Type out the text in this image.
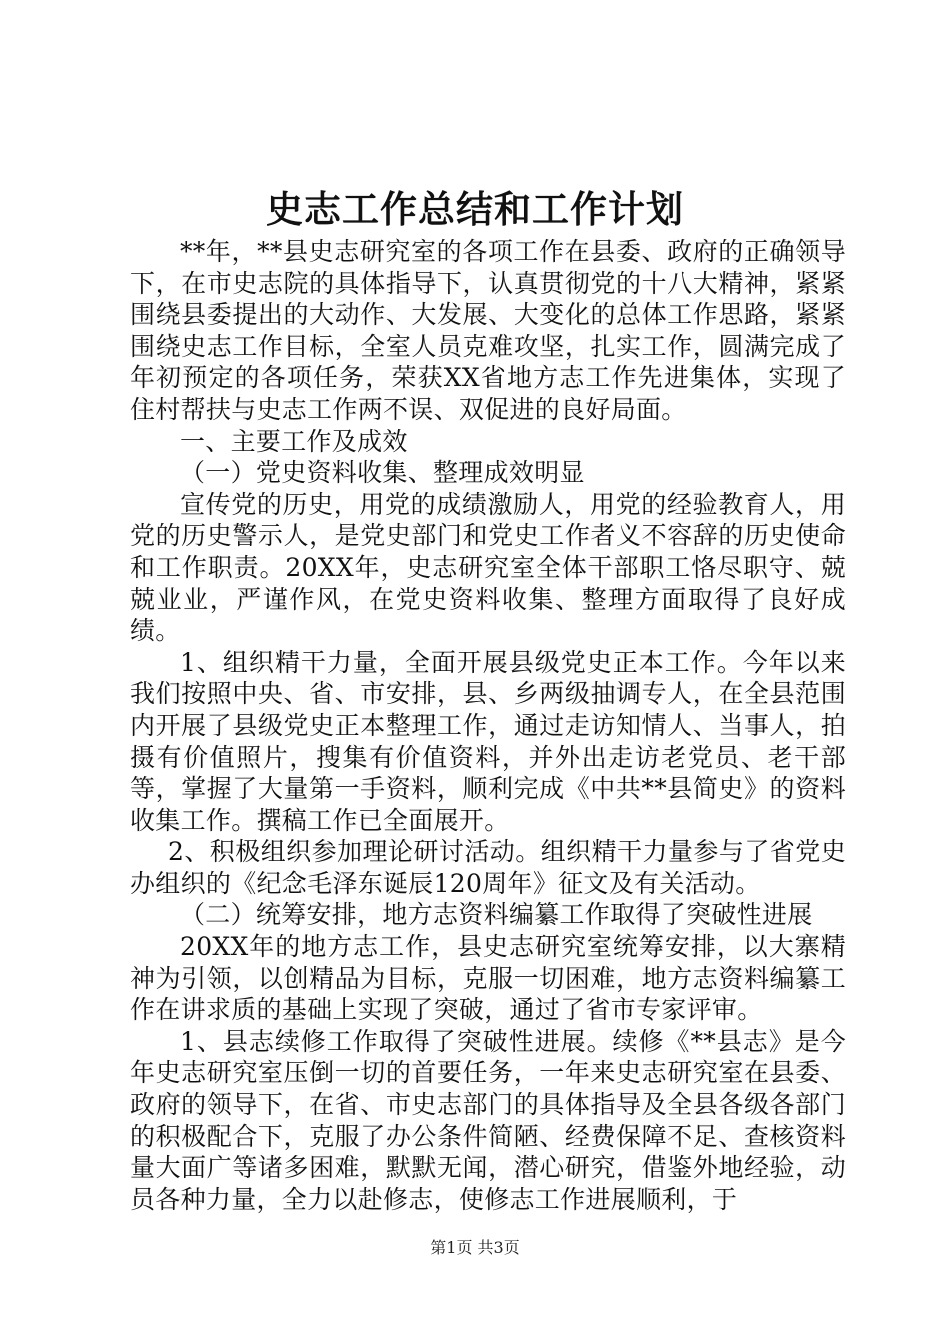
史志工作总结和工作计划

**年，**县史志研究室的各项工作在县委、政府的正确领导下，在市史志院的具体指导下，认真贯彻党的十八大精神，紧紧围绕县委提出的大动作、大发展、大变化的总体工作思路，紧紧围绕史志工作目标，全室人员克难攻坚，扎实工作，圆满完成了年初预定的各项任务，荣获XX省地方志工作先进集体，实现了住村帮扶与史志工作两不误、双促进的良好局面。

一、主要工作及成效

（一）党史资料收集、整理成效明显

宣传党的历史，用党的成绩激励人，用党的经验教育人，用党的历史警示人，是党史部门和党史工作者义不容辞的历史使命和工作职责。20XX年，史志研究室全体干部职工恪尽职守、兢兢业业，严谨作风，在党史资料收集、整理方面取得了良好成绩。

1、组织精干力量，全面开展县级党史正本工作。今年以来我们按照中央、省、市安排，县、乡两级抽调专人，在全县范围内开展了县级党史正本整理工作，通过走访知情人、当事人，拍摄有价值照片，搜集有价值资料，并外出走访老党员、老干部等，掌握了大量第一手资料，顺利完成《中共**县简史》的资料收集工作。撰稿工作已全面展开。

2、积极组织参加理论研讨活动。组织精干力量参与了省党史办组织的《纪念毛泽东诞辰120周年》征文及有关活动。

（二）统筹安排，地方志资料编纂工作取得了突破性进展

20XX年的地方志工作，县史志研究室统筹安排，以大寨精神为引领，以创精品为目标，克服一切困难，地方志资料编纂工作在讲求质的基础上实现了突破，通过了省市专家评审。

1、县志续修工作取得了突破性进展。续修《**县志》是今年史志研究室压倒一切的首要任务，一年来史志研究室在县委、政府的领导下，在省、市史志部门的具体指导及全县各级各部门的积极配合下，克服了办公条件简陋、经费保障不足、查核资料量大面广等诸多困难，默默无闻，潜心研究，借鉴外地经验，动员各种力量，全力以赴修志，使修志工作进展顺利，于

第1页 共3页
